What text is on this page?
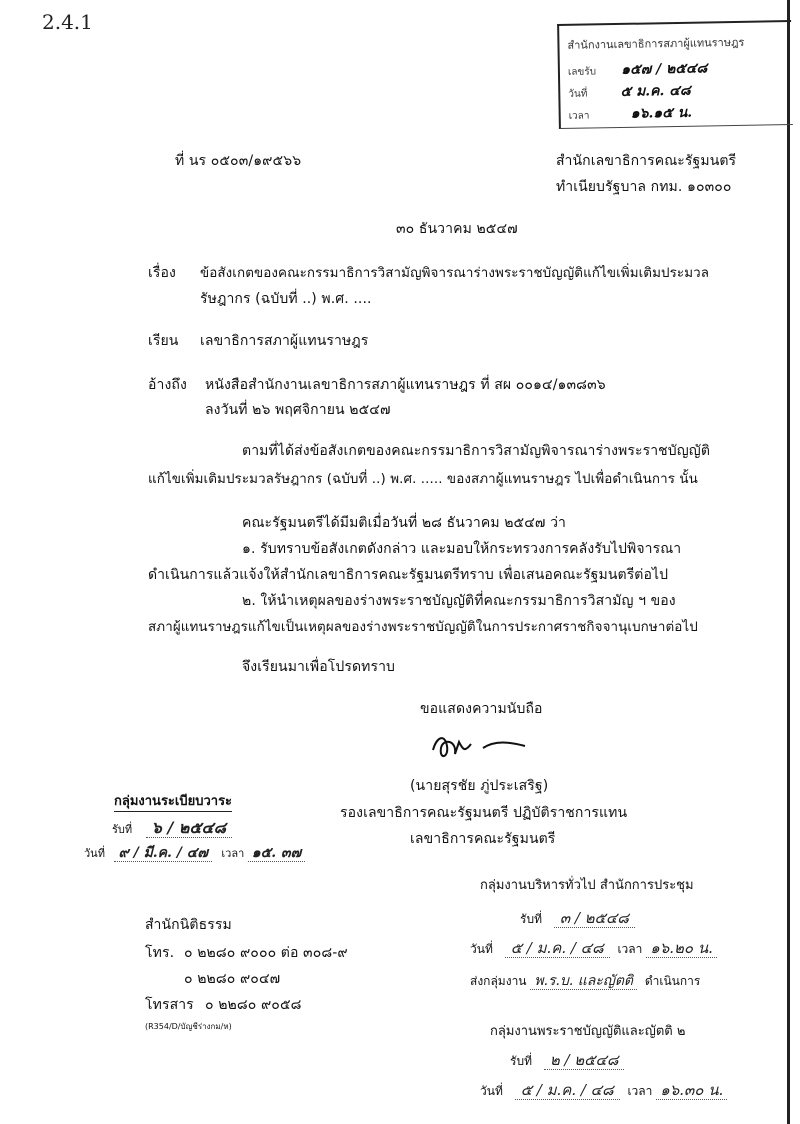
2.4.1
สำนักงานเลขาธิการสภาผู้แทนราษฎร
เลขรับ ๑๕๗ / ๒๕๔๘
วันที่ ๕ ม.ค. ๔๘
เวลา	๑๖.๑๕ น.
ที่ นร ๐๕๐๓/๑๙๕๖๖	สำนักเลขาธิการคณะรัฐมนตรี
ทำเนียบรัฐบาล กทม. ๑๐๓๐๐
๓๐ ธันวาคม ๒๕๔๗
เรื่อง ข้อสังเกตของคณะกรรมาธิการวิสามัญพิจารณาร่างพระราชบัญญัติแก้ไขเพิ่มเติมประมวล
รัษฎากร (ฉบับที่ ..) พ.ศ. ....
เรียน เลขาธิการสภาผู้แทนราษฎร
อ้างถึง หนังสือสำนักงานเลขาธิการสภาผู้แทนราษฎร ที่ สผ ๐๐๑๔/๑๓๘๓๖
ลงวันที่ ๒๖ พฤศจิกายน ๒๕๔๗
ตามที่ได้ส่งข้อสังเกตของคณะกรรมาธิการวิสามัญพิจารณาร่างพระราชบัญญัติ
แก้ไขเพิ่มเติมประมวลรัษฎากร (ฉบับที่ ..) พ.ศ. ..... ของสภาผู้แทนราษฎร ไปเพื่อดำเนินการ นั้น
คณะรัฐมนตรีได้มีมติเมื่อวันที่ ๒๘ ธันวาคม ๒๕๔๗ ว่า
๑. รับทราบข้อสังเกตดังกล่าว และมอบให้กระทรวงการคลังรับไปพิจารณา
ดำเนินการแล้วแจ้งให้สำนักเลขาธิการคณะรัฐมนตรีทราบ เพื่อเสนอคณะรัฐมนตรีต่อไป
๒. ให้นำเหตุผลของร่างพระราชบัญญัติที่คณะกรรมาธิการวิสามัญ ฯ ของ
สภาผู้แทนราษฎรแก้ไขเป็นเหตุผลของร่างพระราชบัญญัติในการประกาศราชกิจจานุเบกษาต่อไป
จึงเรียนมาเพื่อโปรดทราบ
ขอแสดงความนับถือ
(นายสุรชัย ภู่ประเสริฐ)
รองเลขาธิการคณะรัฐมนตรี ปฏิบัติราชการแทน
เลขาธิการคณะรัฐมนตรี
กลุ่มงานระเบียบวาระ
รับที่ ๖ / ๒๕๔๘
วันที่ ๙ / มี.ค. / ๔๗ เวลา ๑๕. ๓๗
กลุ่มงานบริหารทั่วไป สำนักการประชุม
รับที่ ๓ / ๒๕๔๘
วันที่ ๕ / ม.ค. / ๔๘ เวลา ๑๖.๒๐ น.
ส่งกลุ่มงาน พ.ร.บ. และญัตติ ดำเนินการ
กลุ่มงานพระราชบัญญัติและญัตติ ๒
รับที่ ๒ / ๒๕๔๘
วันที่ ๕ / ม.ค. / ๔๘ เวลา ๑๖.๓๐ น.
สำนักนิติธรรม
โทร. ๐ ๒๒๘๐ ๙๐๐๐ ต่อ ๓๐๘-๙
๐ ๒๒๘๐ ๙๐๔๗
โทรสาร ๐ ๒๒๘๐ ๙๐๕๘
(R354/D/บัญชีร่างกม/ห)
